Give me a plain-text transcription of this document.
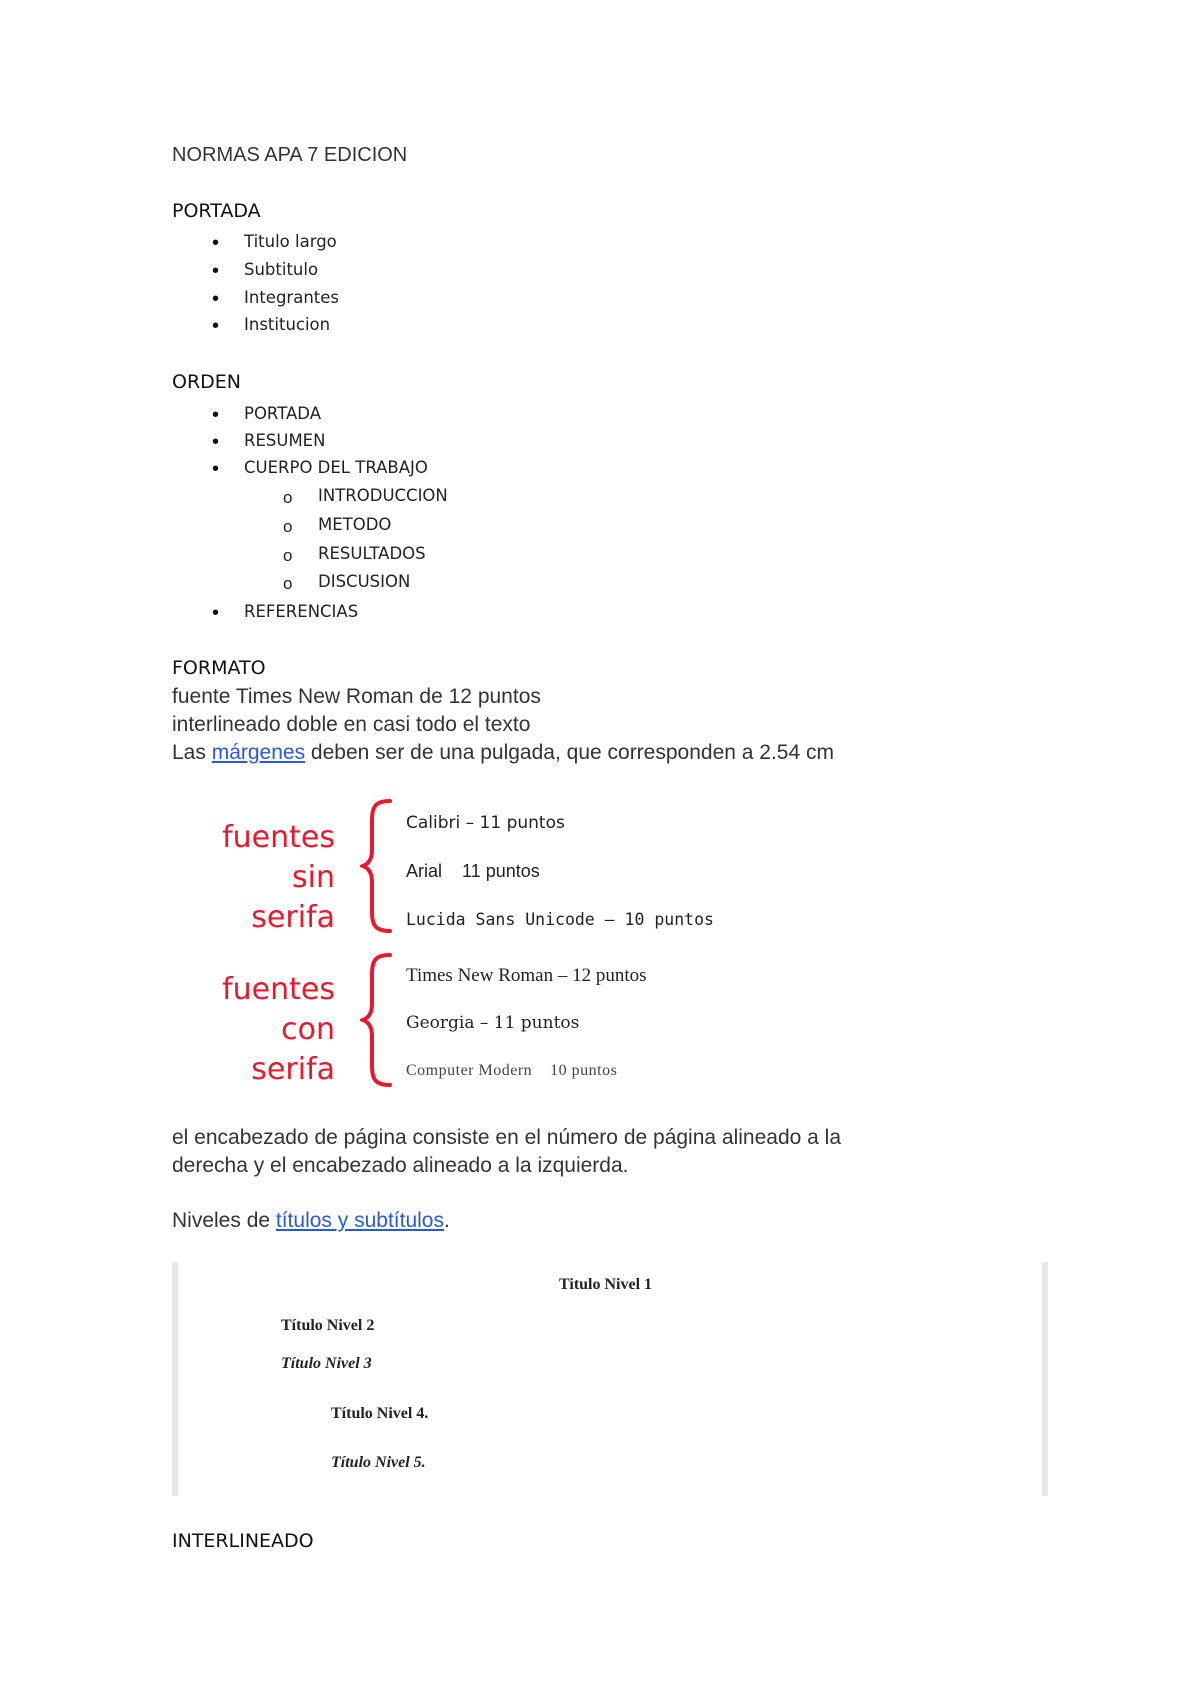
NORMAS APA 7 EDICION
PORTADA
• Titulo largo
• Subtitulo
• Integrantes
• Institucion
ORDEN
• PORTADA
• RESUMEN
• CUERPO DEL TRABAJO
o INTRODUCCION
o METODO
o RESULTADOS
o DISCUSION
• REFERENCIAS
FORMATO
fuente Times New Roman de 12 puntos
interlineado doble en casi todo el texto
Las márgenes deben ser de una pulgada, que corresponden a 2.54 cm
fuentes
sin serifa
Calibri – 11 puntos
Arial    11 puntos
Lucida Sans Unicode – 10 puntos
fuentes
con serifa
Times New Roman – 12 puntos
Georgia – 11 puntos
Computer Modern    10 puntos
el encabezado de página consiste en el número de página alineado a la
derecha y el encabezado alineado a la izquierda.
Niveles de títulos y subtítulos.
Titulo Nivel 1
Título Nivel 2
Título Nivel 3
Título Nivel 4.
Título Nivel 5.
INTERLINEADO
